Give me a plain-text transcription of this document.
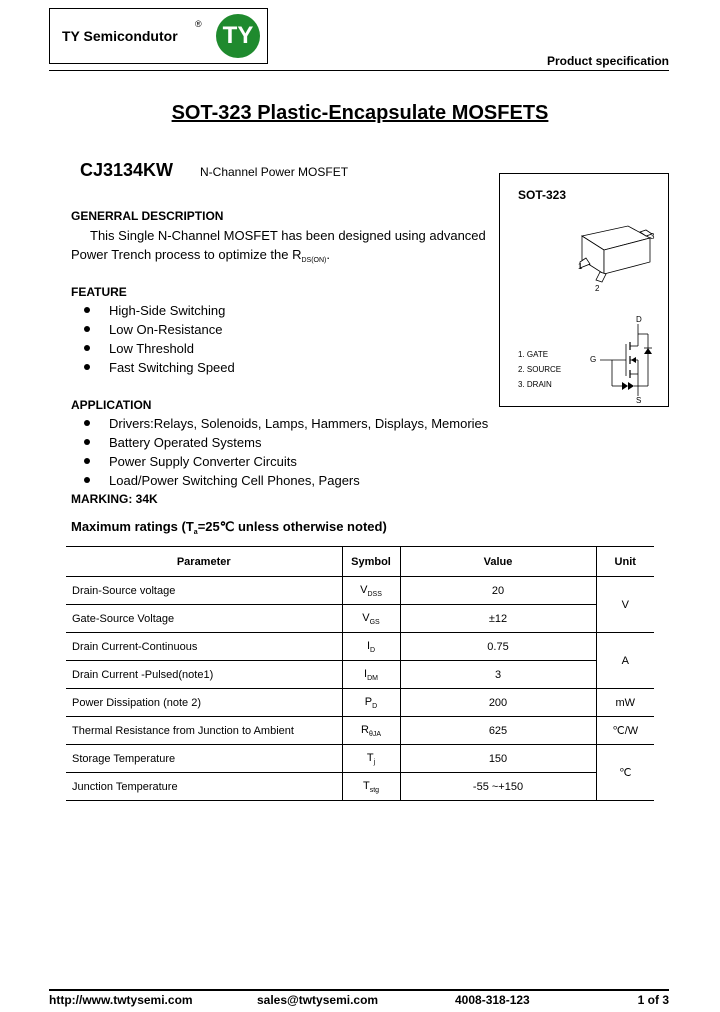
TY Semicondutor
® TY
Product specification
SOT-323 Plastic-Encapsulate MOSFETS
CJ3134KW N-Channel Power MOSFET
GENERRAL DESCRIPTION
This Single N-Channel MOSFET has been designed using advanced
Power Trench process to optimize the $R_{DS(ON)}$.
FEATURE
High-Side Switching
Low On-Resistance
Low Threshold
Fast Switching Speed
APPLICATION
Drivers:Relays, Solenoids, Lamps, Hammers, Displays, Memories
Battery Operated Systems
Power Supply Converter Circuits
Load/Power Switching Cell Phones, Pagers
MARKING: 34K
SOT-323
3
1
2
D
G
S
1. GATE
2. SOURCE
3. DRAIN
Maximum ratings ($T_a=25℃$ unless otherwise noted)
Parameter	Symbol	Value	Unit
Drain-Source voltage	$V_{DSS}$	20	V
Gate-Source Voltage	$V_{GS}$	±12	
Drain Current-Continuous	$I_D$	0.75	A
Drain Current -Pulsed(note1)	$I_{DM}$	3	
Power Dissipation (note 2)	$P_D$	200	mW
Thermal Resistance from Junction to Ambient	$R_{\theta JA}$	625	℃/W
Storage Temperature	$T_j$	150	℃
Junction Temperature	$T_{stg}$	-55 ~+150	
http://www.twtysemi.com	sales@twtysemi.com	4008-318-123	1 of 3
